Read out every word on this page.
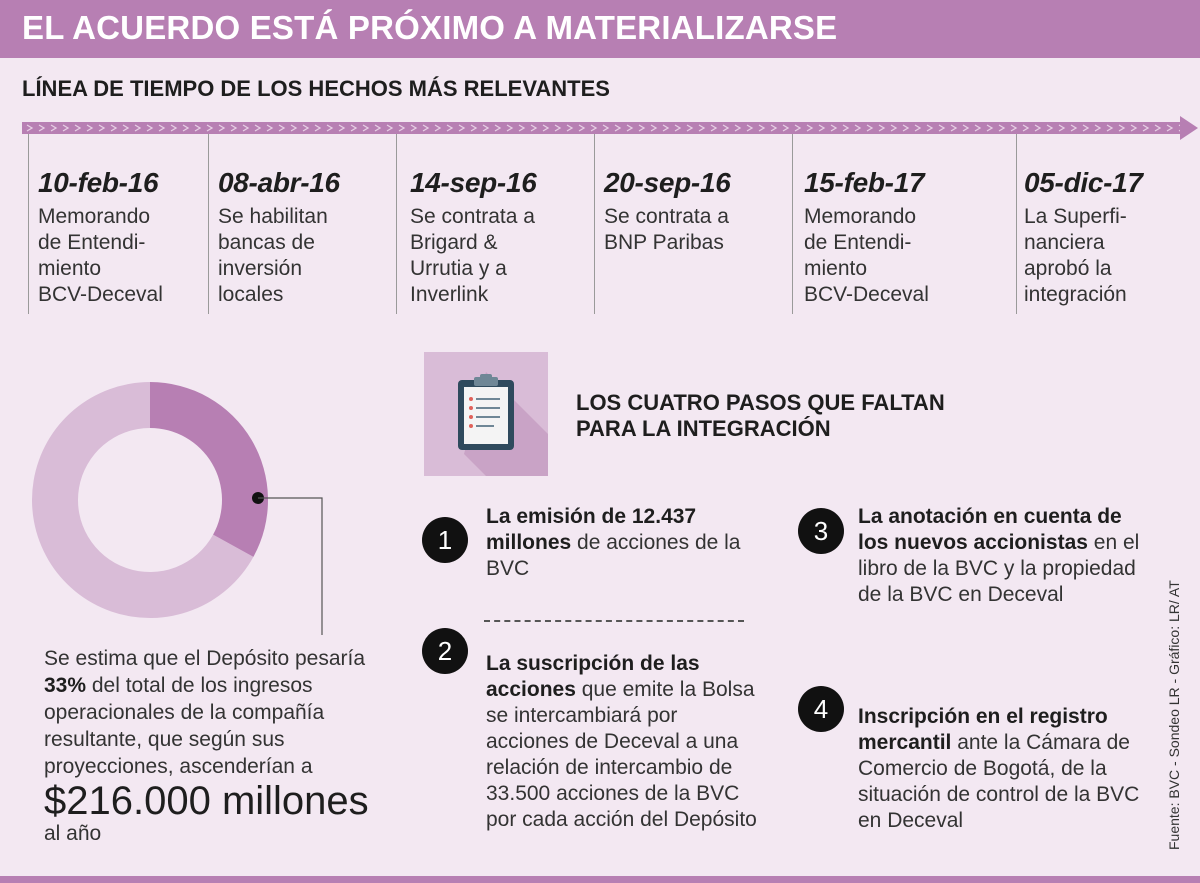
EL ACUERDO ESTÁ PRÓXIMO A MATERIALIZARSE
LÍNEA DE TIEMPO DE LOS HECHOS MÁS RELEVANTES
10-feb-16
Memorando
de Entendi-
miento
BCV-Deceval
08-abr-16
Se habilitan
bancas de
inversión
locales
14-sep-16
Se contrata a
Brigard &
Urrutia y a
Inverlink
20-sep-16
Se contrata a
BNP Paribas
15-feb-17
Memorando
de Entendi-
miento
BCV-Deceval
05-dic-17
La Superfi-
nanciera
aprobó la
integración
Se estima que el Depósito pesaría 33% del total de los ingresos operacionales de la compañía resultante, que según sus proyecciones, ascenderían a
$216.000 millones
al año
LOS CUATRO PASOS QUE FALTAN
PARA LA INTEGRACIÓN
1
La emisión de 12.437 millones de acciones de la BVC
2	La suscripción de las acciones que emite la Bolsa se intercambiará por acciones de Deceval a una relación de intercambio de 33.500 acciones de la BVC por cada acción del Depósito
3	La anotación en cuenta de los nuevos accionistas en el libro de la BVC y la propiedad de la BVC en Deceval
4	Inscripción en el registro mercantil ante la Cámara de Comercio de Bogotá, de la situación de control de la BVC en Deceval	Fuente: BVC - Sondeo LR - Gráfico: LR/ AT
